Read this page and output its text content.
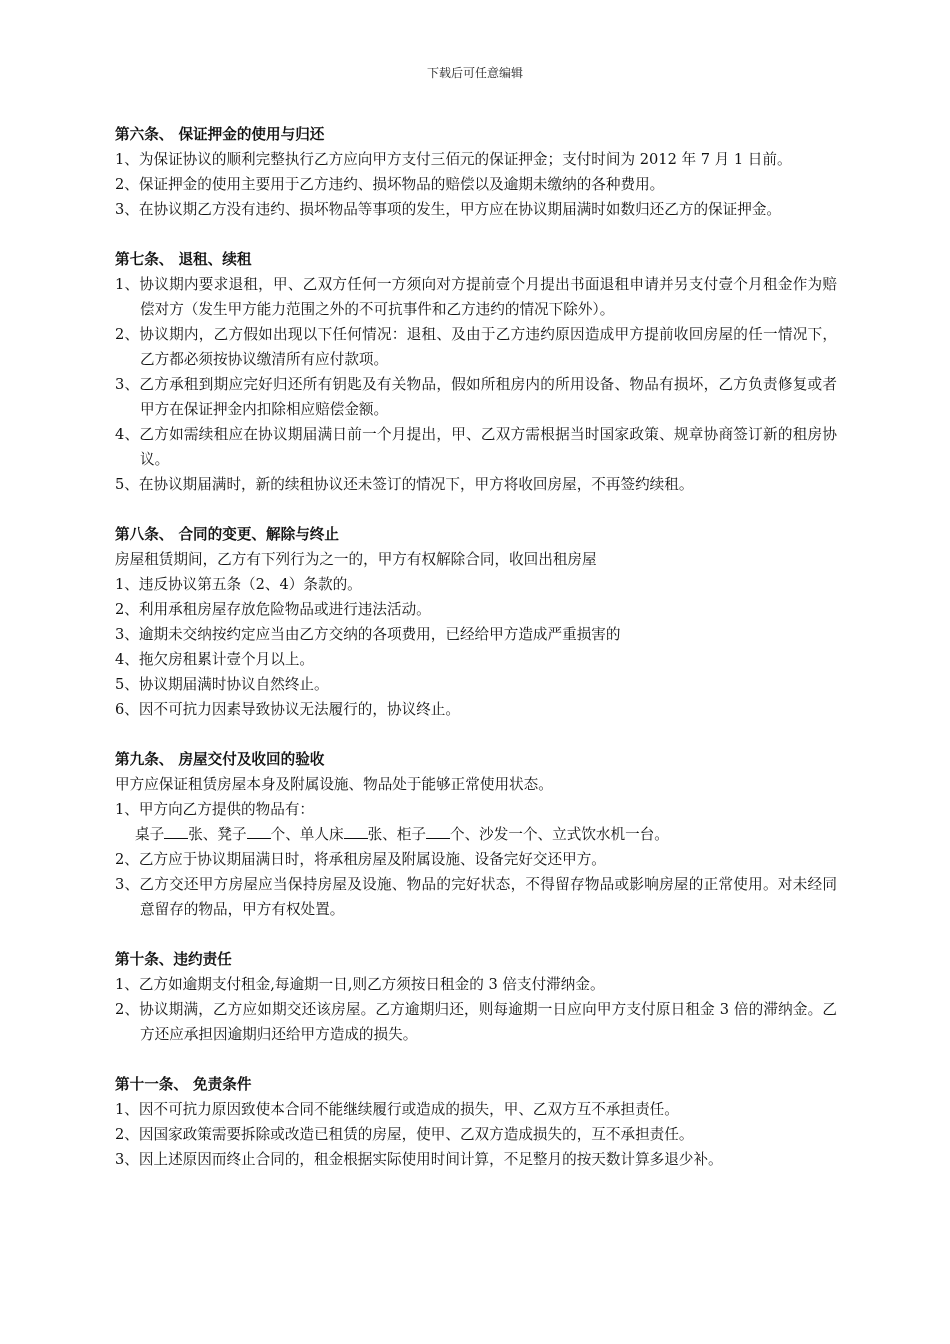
下载后可任意编辑

第六条、 保证押金的使用与归还

1、为保证协议的顺利完整执行乙方应向甲方支付三佰元的保证押金；支付时间为 2012 年 7 月 1 日前。

2、保证押金的使用主要用于乙方违约、损坏物品的赔偿以及逾期未缴纳的各种费用。

3、在协议期乙方没有违约、损坏物品等事项的发生，甲方应在协议期届满时如数归还乙方的保证押金。

第七条、 退租、续租

1、协议期内要求退租，甲、乙双方任何一方须向对方提前壹个月提出书面退租申请并另支付壹个月租金作为赔偿对方（发生甲方能力范围之外的不可抗事件和乙方违约的情况下除外）。

2、协议期内，乙方假如出现以下任何情况：退租、及由于乙方违约原因造成甲方提前收回房屋的任一情况下，乙方都必须按协议缴清所有应付款项。

3、乙方承租到期应完好归还所有钥匙及有关物品，假如所租房内的所用设备、物品有损坏，乙方负责修复或者甲方在保证押金内扣除相应赔偿金额。

4、乙方如需续租应在协议期届满日前一个月提出，甲、乙双方需根据当时国家政策、规章协商签订新的租房协议。

5、在协议期届满时，新的续租协议还未签订的情况下，甲方将收回房屋，不再签约续租。

第八条、 合同的变更、解除与终止

房屋租赁期间，乙方有下列行为之一的，甲方有权解除合同，收回出租房屋

1、违反协议第五条（2、4）条款的。

2、利用承租房屋存放危险物品或进行违法活动。

3、逾期未交纳按约定应当由乙方交纳的各项费用，已经给甲方造成严重损害的

4、拖欠房租累计壹个月以上。

5、协议期届满时协议自然终止。

6、因不可抗力因素导致协议无法履行的，协议终止。

第九条、 房屋交付及收回的验收

甲方应保证租赁房屋本身及附属设施、物品处于能够正常使用状态。

1、甲方向乙方提供的物品有：

桌子 张、凳子 个、单人床 张、柜子 个、沙发一个、立式饮水机一台。

2、乙方应于协议期届满日时，将承租房屋及附属设施、设备完好交还甲方。

3、乙方交还甲方房屋应当保持房屋及设施、物品的完好状态，不得留存物品或影响房屋的正常使用。对未经同意留存的物品，甲方有权处置。

第十条、违约责任

1、乙方如逾期支付租金,每逾期一日,则乙方须按日租金的 3 倍支付滞纳金。

2、协议期满，乙方应如期交还该房屋。乙方逾期归还，则每逾期一日应向甲方支付原日租金 3 倍的滞纳金。乙方还应承担因逾期归还给甲方造成的损失。

第十一条、 免责条件

1、因不可抗力原因致使本合同不能继续履行或造成的损失，甲、乙双方互不承担责任。

2、因国家政策需要拆除或改造已租赁的房屋，使甲、乙双方造成损失的，互不承担责任。

3、因上述原因而终止合同的，租金根据实际使用时间计算，不足整月的按天数计算多退少补。
